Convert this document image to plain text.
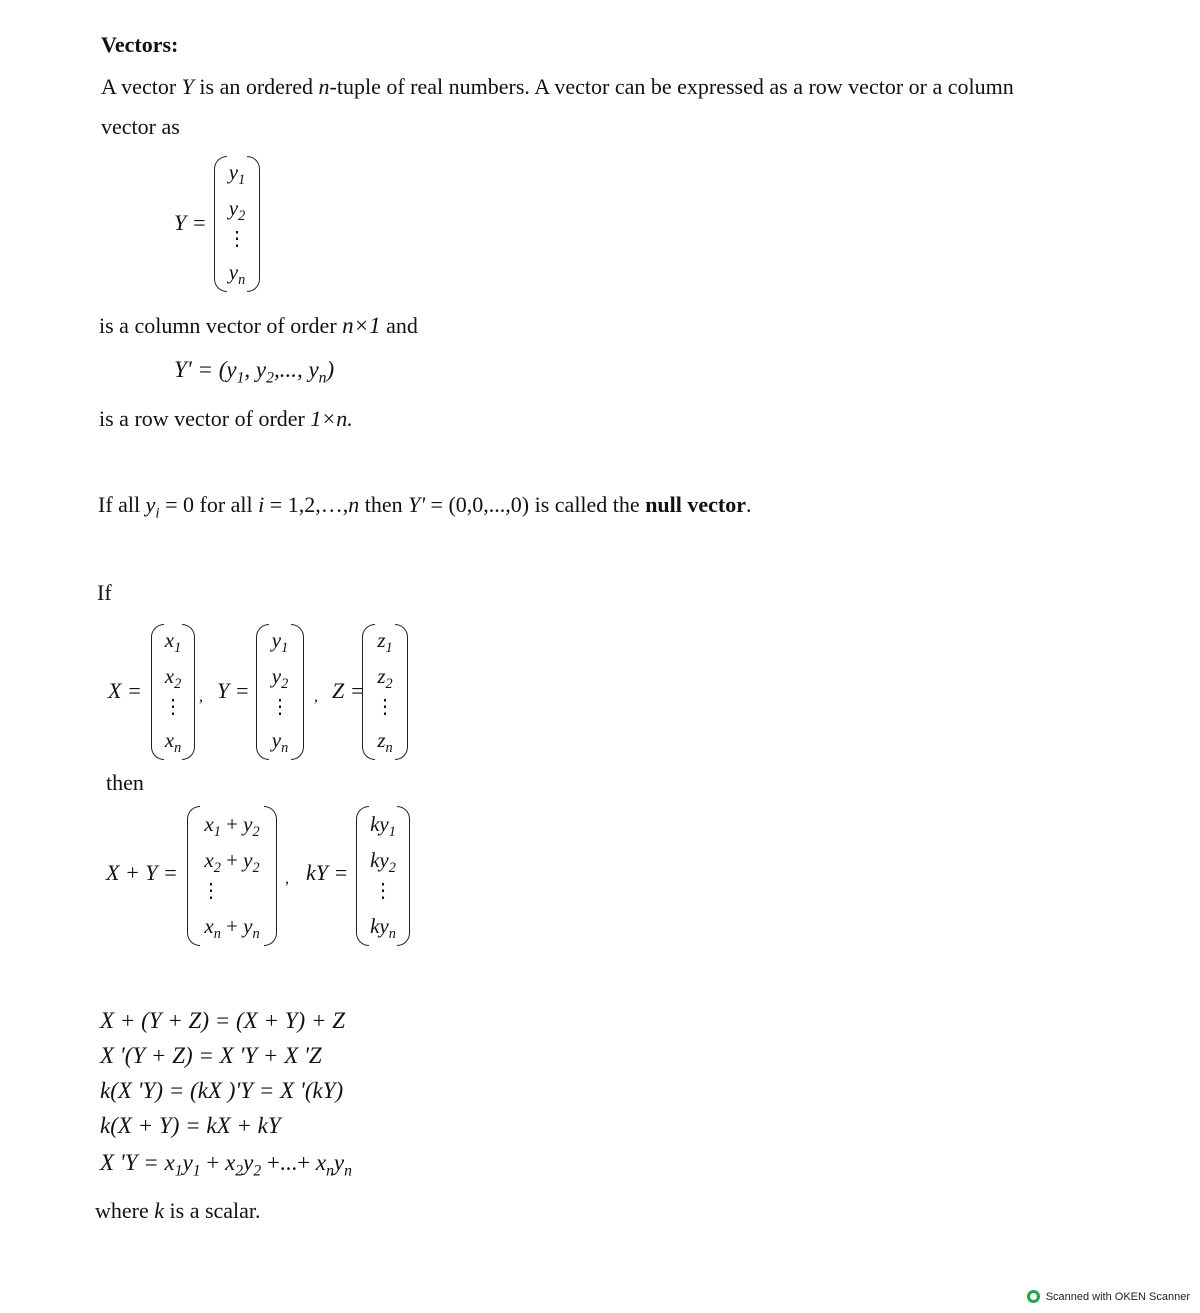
Vectors:
A vector Y is an ordered n-tuple of real numbers. A vector can be expressed as a row vector or a column
vector as
Y =
$y_1$
$y_2$
⋮
$y_n$
is a column vector of order n×1 and
$Y' = (y_1$, $y_2$,..., $y_n$)
is a row vector of order 1×n.
If all $y_i = 0$ for all i = 1,2,…,n then Y' = (0,0,...,0) is called the null vector.
If
X =
$x_1$
$x_2$
⋮
$x_n$
, Y =
$y_1$
$y_2$
⋮
$y_n$
, Z =
$z_1$
$z_2$
⋮
$z_n$
then
X + Y =
$x_1 + y_2$
$x_2 + y_2$
⋮
$x_n + y_n$
, kY =
$ky_1$
$ky_2$
⋮
$ky_n$
X + (Y + Z) = (X + Y) + Z
X '(Y + Z) = X 'Y + X 'Z
k(X 'Y) = (kX )'Y = X '(kY)
k(X + Y) = kX + kY
X '$Y = x_1y_1 + x_2y_2$ +...+ $x_ny_n$
where k is a scalar.
Scanned with OKEN Scanner
